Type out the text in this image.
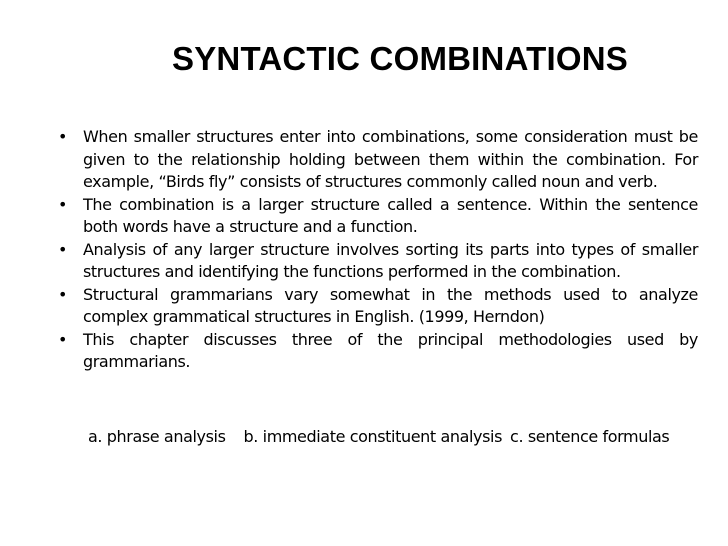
SYNTACTIC COMBINATIONS
• When smaller structures enter into combinations, some consideration must be given to the relationship holding between them within the combination. For example, “Birds fly” consists of structures commonly called noun and verb.
• The combination is a larger structure called a sentence. Within the sentence both words have a structure and a function.
• Analysis of any larger structure involves sorting its parts into types of smaller structures and identifying the functions performed in the combination.
• Structural grammarians vary somewhat in the methods used to analyze complex grammatical structures in English. (1999, Herndon)
• This chapter discusses three of the principal methodologies used by grammarians.
a. phrase analysis b. immediate constituent analysis c. sentence formulas
